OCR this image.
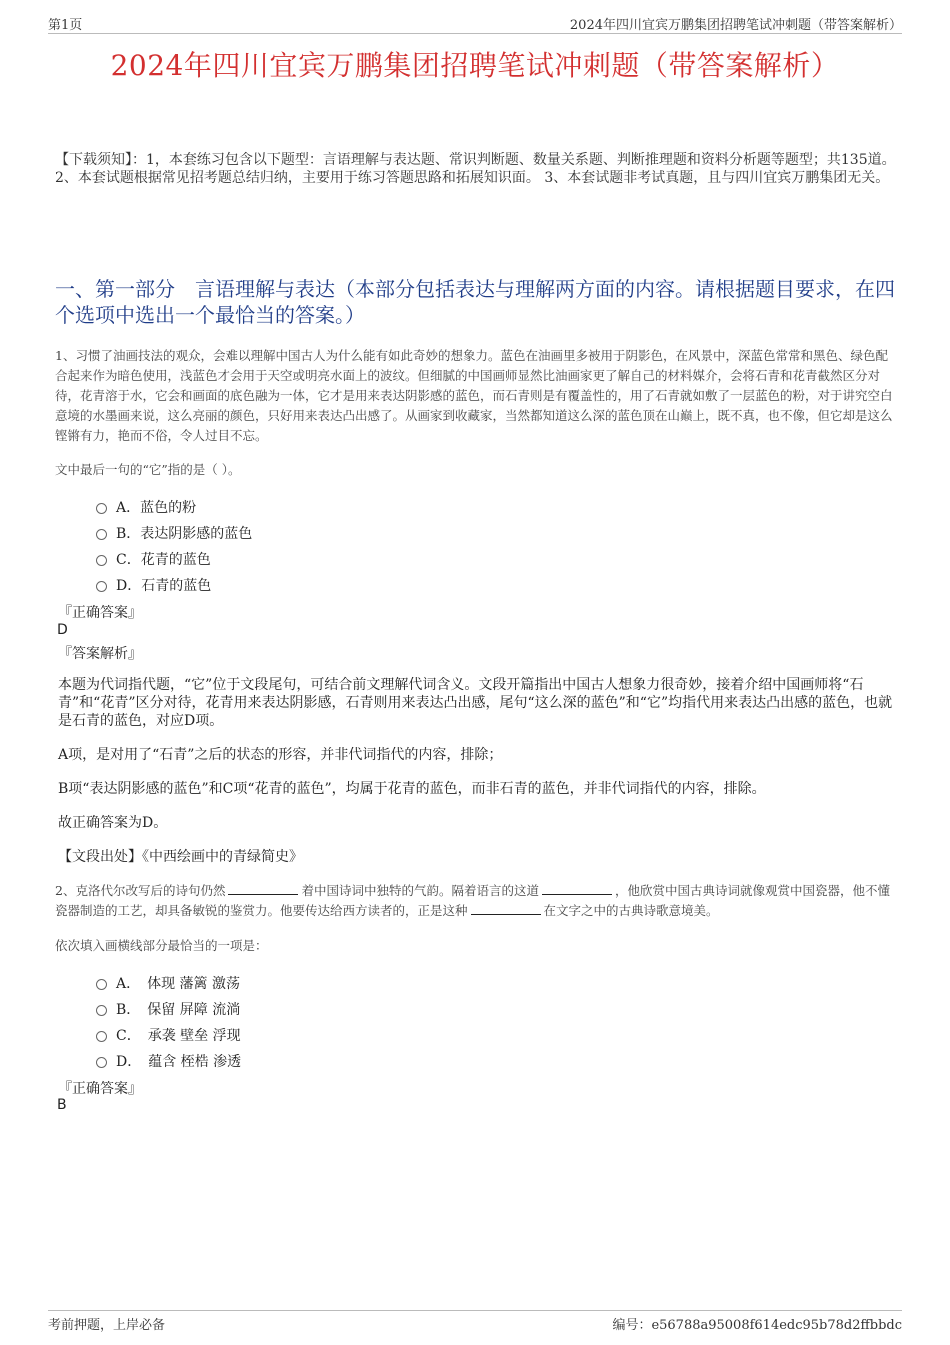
第1页	2024年四川宜宾万鹏集团招聘笔试冲刺题（带答案解析）
2024年四川宜宾万鹏集团招聘笔试冲刺题（带答案解析）
【下载须知】：1，本套练习包含以下题型：言语理解与表达题、常识判断题、数量关系题、判断推理题和资料分析题等题型；共135道。 2、本套试题根据常见招考题总结归纳，主要用于练习答题思路和拓展知识面。 3、本套试题非考试真题，且与四川宜宾万鹏集团无关。
一、第一部分　言语理解与表达（本部分包括表达与理解两方面的内容。请根据题目要求，在四个选项中选出一个最恰当的答案。）
1、习惯了油画技法的观众，会难以理解中国古人为什么能有如此奇妙的想象力。蓝色在油画里多被用于阴影色，在风景中，深蓝色常常和黑色、绿色配合起来作为暗色使用，浅蓝色才会用于天空或明亮水面上的波纹。但细腻的中国画师显然比油画家更了解自己的材料媒介，会将石青和花青截然区分对待，花青溶于水，它会和画面的底色融为一体，它才是用来表达阴影感的蓝色，而石青则是有覆盖性的，用了石青就如敷了一层蓝色的粉，对于讲究空白意境的水墨画来说，这么亮丽的颜色，只好用来表达凸出感了。从画家到收藏家，当然都知道这么深的蓝色顶在山巅上，既不真，也不像，但它却是这么铿锵有力，艳而不俗，令人过目不忘。
文中最后一句的“它”指的是（ ）。
A．蓝色的粉
B．表达阴影感的蓝色
C．花青的蓝色
D．石青的蓝色
『正确答案』
D
『答案解析』
本题为代词指代题，“它”位于文段尾句，可结合前文理解代词含义。文段开篇指出中国古人想象力很奇妙，接着介绍中国画师将“石青”和“花青”区分对待，花青用来表达阴影感，石青则用来表达凸出感，尾句“这么深的蓝色”和“它”均指代用来表达凸出感的蓝色，也就是石青的蓝色，对应D项。
A项，是对用了“石青”之后的状态的形容，并非代词指代的内容，排除；
B项“表达阴影感的蓝色”和C项“花青的蓝色”，均属于花青的蓝色，而非石青的蓝色，并非代词指代的内容，排除。
故正确答案为D。
【文段出处】《中西绘画中的青绿简史》
2、克洛代尔改写后的诗句仍然	着中国诗词中独特的气韵。隔着语言的这道	，他欣赏中国古典诗词就像观赏中国瓷器，他不懂瓷器制造的工艺，却具备敏锐的鉴赏力。他要传达给西方读者的，正是这种	在文字之中的古典诗歌意境美。
依次填入画横线部分最恰当的一项是：
A．　体现 藩篱 激荡
B．　保留 屏障 流淌
C．　承袭 壁垒 浮现
D．　蕴含 桎梏 渗透
『正确答案』
B
考前押题，上岸必备	编号：e56788a95008f614edc95b78d2ffbbdc
